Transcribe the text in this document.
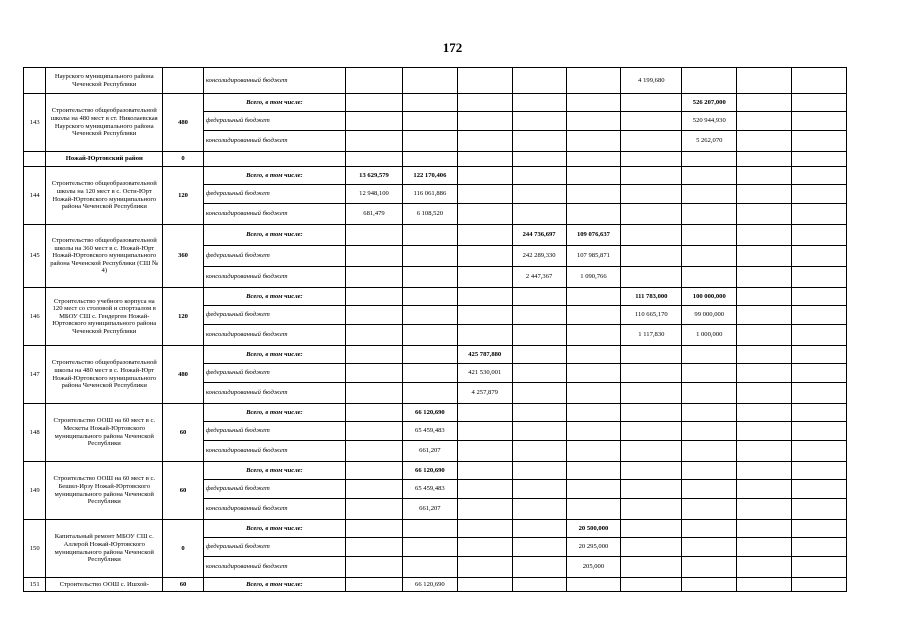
172
	Наурского муниципального района Чеченской Республики		консолидированный бюджет						4 199,680			
143	Строительство общеобразовательной школы на 480 мест в ст. Николаевская Наурского муниципального района Чеченской Республики	480	Всего, в том числе:							526 207,000		
			федеральный бюджет							520 944,930		
			консолидированный бюджет							5 262,070		
	Ножай-Юртовский район	0										
144	Строительство общеобразовательной школы на 120 мест в с. Ости-Юрт Ножай-Юртовского муниципального района Чеченской Республики	120	Всего, в том числе:	13 629,579	122 170,406							
			федеральный бюджет	12 948,100	116 061,886							
			консолидированный бюджет	681,479	6 108,520							
145	Строительство общеобразовательной школы на 360 мест в с. Ножай-Юрт Ножай-Юртовского муниципального района Чеченской Республики (СШ № 4)	360	Всего, в том числе:				244 736,697	109 076,637				
			федеральный бюджет				242 289,330	107 985,871				
			консолидированный бюджет				2 447,367	1 090,766				
146	Строительство учебного корпуса на 120 мест со столовой и спортзалом в МБОУ СШ с. Гендерген Ножай-Юртовского муниципального района Чеченской Республики	120	Всего, в том числе:						111 783,000	100 000,000		
			федеральный бюджет						110 665,170	99 000,000		
			консолидированный бюджет						1 117,830	1 000,000		
147	Строительство общеобразовательной школы на 480 мест в с. Ножай-Юрт Ножай-Юртовского муниципального района Чеченской Республики	480	Всего, в том числе:			425 787,880						
			федеральный бюджет			421 530,001						
			консолидированный бюджет			4 257,879						
148	Строительство ООШ на 60 мест в с. Мескеты Ножай-Юртовского муниципального района Чеченской Республики	60	Всего, в том числе:		66 120,690							
			федеральный бюджет		65 459,483							
			консолидированный бюджет		661,207							
149	Строительство ООШ на 60 мест в с. Бешил-Ирзу Ножай-Юртовского муниципального района Чеченской Республики	60	Всего, в том числе:		66 120,690							
			федеральный бюджет		65 459,483							
			консолидированный бюджет		661,207							
150	Капитальный ремонт МБОУ СШ с. Аллерой Ножай-Юртовского муниципального района Чеченской Республики	0	Всего, в том числе:					20 500,000				
			федеральный бюджет					20 295,000				
			консолидированный бюджет					205,000				
151	Строительство ООШ с. Ишхой-	60	Всего, в том числе:		66 120,690							
